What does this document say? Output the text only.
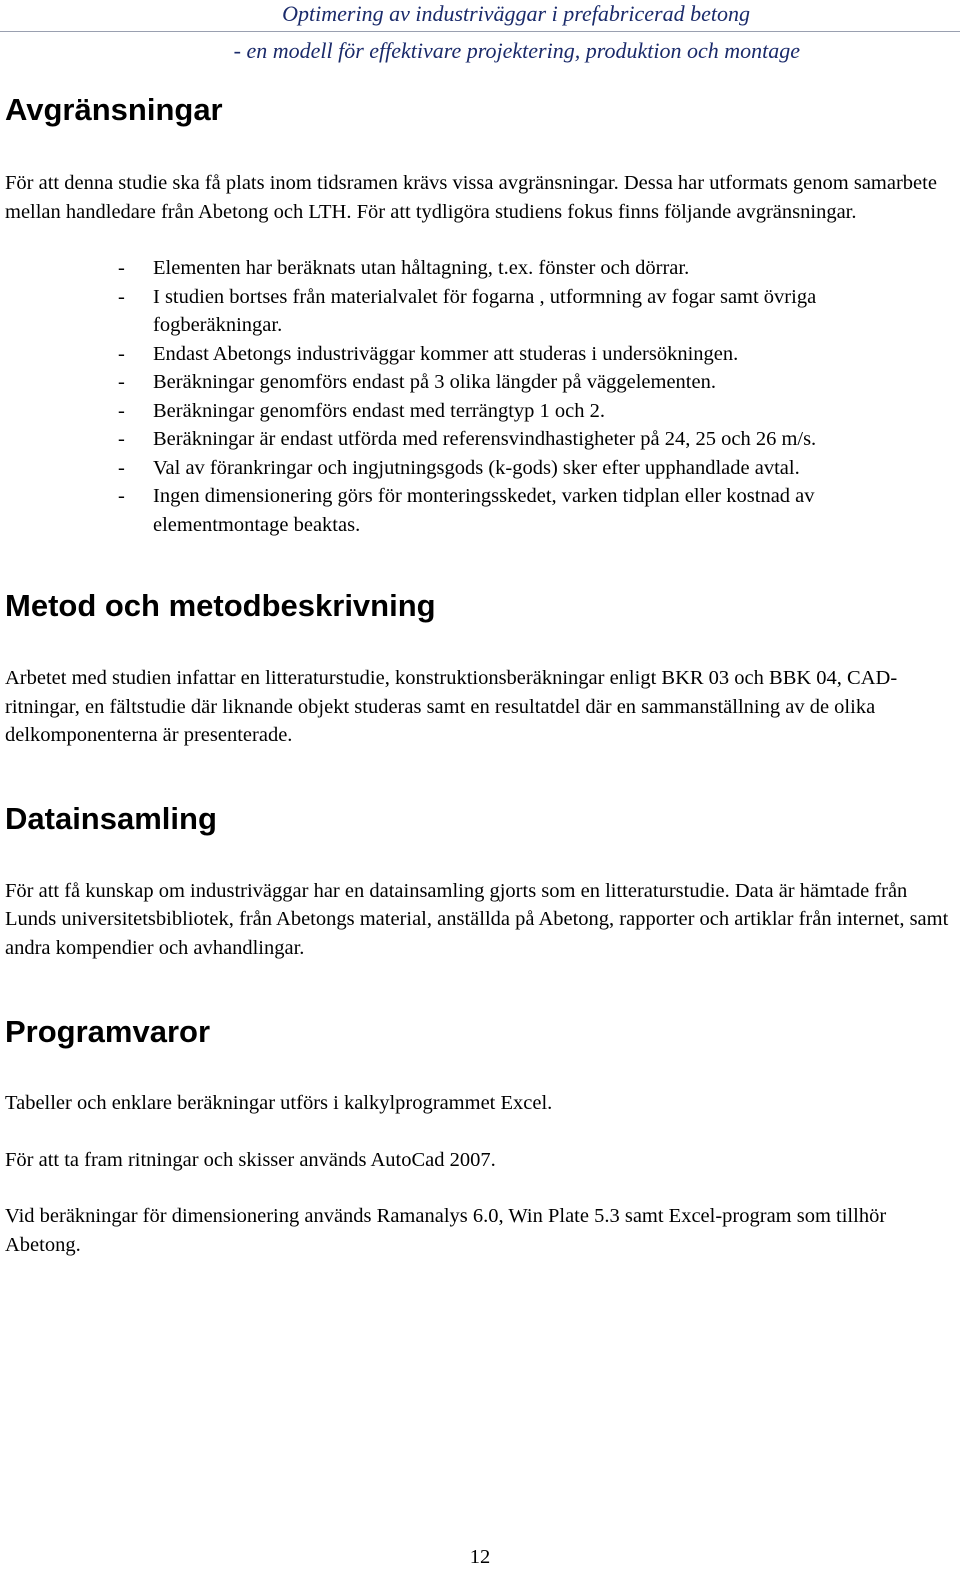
Optimering av industriväggar i prefabricerad betong
- en modell för effektivare projektering, produktion och montage
Avgränsningar

För att denna studie ska få plats inom tidsramen krävs vissa avgränsningar. Dessa har utformats genom samarbete mellan handledare från Abetong och LTH. För att tydligöra studiens fokus finns följande avgränsningar.

- Elementen har beräknats utan håltagning, t.ex. fönster och dörrar.
- I studien bortses från materialvalet för fogarna , utformning av fogar samt övriga fogberäkningar.
- Endast Abetongs industriväggar kommer att studeras i undersökningen.
- Beräkningar genomförs endast på 3 olika längder på väggelementen.
- Beräkningar genomförs endast med terrängtyp 1 och 2.
- Beräkningar är endast utförda med referensvindhastigheter på 24, 25 och 26 m/s.
- Val av förankringar och ingjutningsgods (k-gods) sker efter upphandlade avtal.
- Ingen dimensionering görs för monteringsskedet, varken tidplan eller kostnad av elementmontage beaktas.
Metod och metodbeskrivning

Arbetet med studien infattar en litteraturstudie, konstruktionsberäkningar enligt BKR 03 och BBK 04, CAD-ritningar, en fältstudie där liknande objekt studeras samt en resultatdel där en sammanställning av de olika delkomponenterna är presenterade.

Datainsamling

För att få kunskap om industriväggar har en datainsamling gjorts som en litteraturstudie. Data är hämtade från Lunds universitetsbibliotek, från Abetongs material, anställda på Abetong, rapporter och artiklar från internet, samt andra kompendier och avhandlingar.

Programvaror

Tabeller och enklare beräkningar utförs i kalkylprogrammet Excel.

För att ta fram ritningar och skisser används AutoCad 2007.

Vid beräkningar för dimensionering används Ramanalys 6.0, Win Plate 5.3 samt Excel-program som tillhör Abetong.

12
